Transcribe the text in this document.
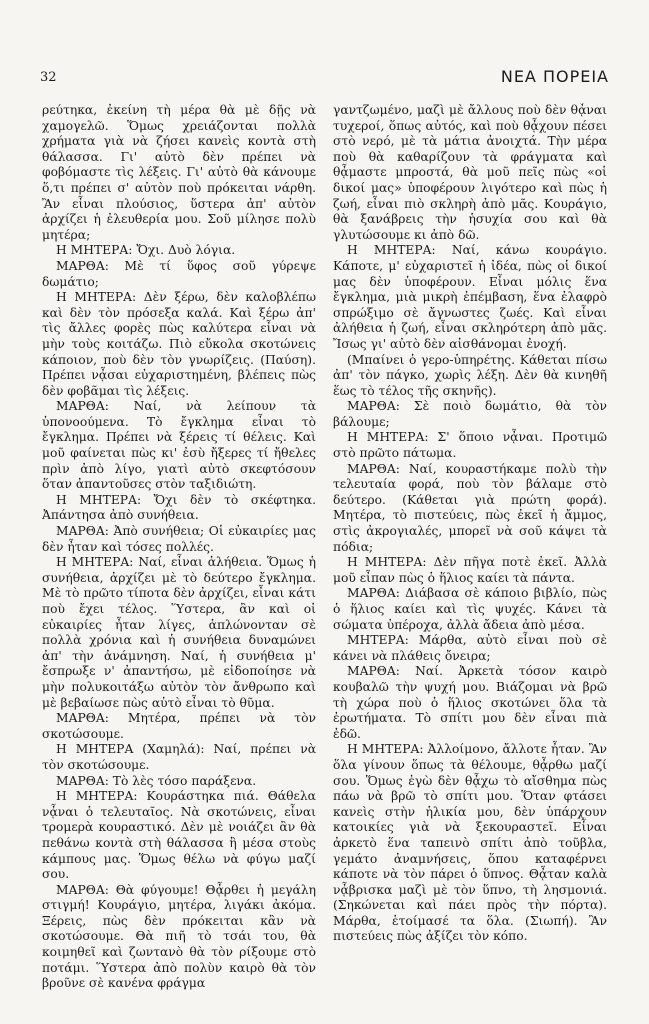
32	ΝΕΑ ΠΟΡΕΙΑ

ρεύτηκα, ἐκείνη τὴ μέρα θὰ μὲ δῇς νὰ χαμογελῶ. Ὅμως χρειάζονται πολλὰ χρήματα γιὰ νὰ ζήσει κανεὶς κοντὰ στὴ θάλασσα. Γι' αὐτὸ δὲν πρέπει νὰ φοβόμαστε τὶς λέξεις. Γι' αὐτὸ θὰ κάνουμε ὅ,τι πρέπει σ' αὐτὸν ποὺ πρόκειται νάρθη. Ἂν εἶναι πλούσιος, ὕστερα ἀπ' αὐτὸν ἀρχίζει ἡ ἐλευθερία μου. Σοῦ μίλησε πολὺ μητέρα;

Η ΜΗΤΕΡΑ: Ὄχι. Δυὸ λόγια.

ΜΑΡΘΑ: Μὲ τί ὕφος σοῦ γύρεψε δωμάτιο;

Η ΜΗΤΕΡΑ: Δὲν ξέρω, δὲν καλοβλέπω καὶ δὲν τὸν πρόσεξα καλά. Καὶ ξέρω ἀπ' τὶς ἄλλες φορὲς πὼς καλύτερα εἶναι νὰ μὴν τοὺς κοιτάζω. Πιὸ εὔκολα σκοτώνεις κάποιον, ποὺ δὲν τὸν γνωρίζεις. (Παύση). Πρέπει νᾆσαι εὐχαριστημένη, βλέπεις πὼς δὲν φοβᾶμαι τὶς λέξεις.

ΜΑΡΘΑ: Ναί, νὰ λείπουν τὰ ὑπονοούμενα. Τὸ ἔγκλημα εἶναι τὸ ἔγκλημα. Πρέπει νὰ ξέρεις τί θέλεις. Καὶ μοῦ φαίνεται πὼς κι' ἐσὺ ἤξερες τί ἤθελες πρὶν ἀπὸ λίγο, γιατὶ αὐτὸ σκεφτόσουν ὅταν ἀπαντοῦσες στὸν ταξιδιώτη.

Η ΜΗΤΕΡΑ: Ὄχι δὲν τὸ σκέφτηκα. Ἀπάντησα ἀπὸ συνήθεια.

ΜΑΡΘΑ: Ἀπὸ συνήθεια; Οἱ εὐκαιρίες μας δὲν ἦταν καὶ τόσες πολλές.

Η ΜΗΤΕΡΑ: Ναί, εἶναι ἀλήθεια. Ὅμως ἡ συνήθεια, ἀρχίζει μὲ τὸ δεύτερο ἔγκλημα. Μὲ τὸ πρῶτο τίποτα δὲν ἀρχίζει, εἶναι κάτι ποὺ ἔχει τέλος. Ὕστερα, ἂν καὶ οἱ εὐκαιρίες ἦταν λίγες, ἁπλώνονταν σὲ πολλὰ χρόνια καὶ ἡ συνήθεια δυναμώνει ἀπ' τὴν ἀνάμνηση. Ναί, ἡ συνήθεια μ' ἔσπρωξε ν' ἀπαντήσω, μὲ εἰδοποίησε νὰ μὴν πολυκοιτάξω αὐτὸν τὸν ἄνθρωπο καὶ μὲ βεβαίωσε πὼς αὐτὸ εἶναι τὸ θῦμα.

ΜΑΡΘΑ: Μητέρα, πρέπει νὰ τὸν σκοτώσουμε.

Η ΜΗΤΕΡΑ (Χαμηλά): Ναί, πρέπει νὰ τὸν σκοτώσουμε.

ΜΑΡΘΑ: Τὸ λὲς τόσο παράξενα.

Η ΜΗΤΕΡΑ: Κουράστηκα πιά. Θάθελα νᾆναι ὁ τελευταῖος. Νὰ σκοτώνεις, εἶναι τρομερὰ κουραστικό. Δὲν μὲ νοιάζει ἂν θὰ πεθάνω κοντὰ στὴ θάλασσα ἢ μέσα στοὺς κάμπους μας. Ὅμως θέλω νὰ φύγω μαζί σου.

ΜΑΡΘΑ: Θὰ φύγουμε! Θᾆρθει ἡ μεγάλη στιγμή! Κουράγιο, μητέρα, λιγάκι ἀκόμα. Ξέρεις, πὼς δὲν πρόκειται κἂν νὰ σκοτώσουμε. Θὰ πιῆ τὸ τσάι του, θὰ κοιμηθεῖ καὶ ζωντανὸ θὰ τὸν ρίξουμε στὸ ποτάμι. Ὕστερα ἀπὸ πολὺν καιρὸ θὰ τὸν βροῦνε σὲ κανένα φράγμα

γαντζωμένο, μαζὶ μὲ ἄλλους ποὺ δὲν θᾆναι τυχεροί, ὅπως αὐτός, καὶ ποὺ θᾆχουν πέσει στὸ νερό, μὲ τὰ μάτια ἀνοιχτά. Τὴν μέρα ποὺ θὰ καθαρίζουν τὰ φράγματα καὶ θᾆμαστε μπροστά, θὰ μοῦ πεῖς πὼς «οἱ δικοί μας» ὑποφέρουν λιγότερο καὶ πὼς ἡ ζωή, εἶναι πιὸ σκληρὴ ἀπὸ μᾶς. Κουράγιο, θὰ ξανάβρεις τὴν ἡσυχία σου καὶ θὰ γλυτώσουμε κι ἀπὸ δῶ.

Η ΜΗΤΕΡΑ: Ναί, κάνω κουράγιο. Κάποτε, μ' εὐχαριστεῖ ἡ ἰδέα, πὼς οἱ δικοί μας δὲν ὑποφέρουν. Εἶναι μόλις ἕνα ἔγκλημα, μιὰ μικρὴ ἐπέμβαση, ἕνα ἐλαφρὸ σπρώξιμο σὲ ἄγνωστες ζωές. Καὶ εἶναι ἀλήθεια ἡ ζωή, εἶναι σκληρότερη ἀπὸ μᾶς. Ἴσως γι' αὐτὸ δὲν αἰσθάνομαι ἐνοχή.

(Μπαίνει ὁ γερο-ὑπηρέτης. Κάθεται πίσω ἀπ' τὸν πάγκο, χωρὶς λέξη. Δὲν θὰ κινηθῆ ἕως τὸ τέλος τῆς σκηνῆς).

ΜΑΡΘΑ: Σὲ ποιὸ δωμάτιο, θὰ τὸν βάλουμε;

Η ΜΗΤΕΡΑ: Σ' ὅποιο νᾆναι. Προτιμῶ στὸ πρῶτο πάτωμα.

ΜΑΡΘΑ: Ναί, κουραστήκαμε πολὺ τὴν τελευταία φορά, ποὺ τὸν βάλαμε στὸ δεύτερο. (Κάθεται γιὰ πρώτη φορά). Μητέρα, τὸ πιστεύεις, πὼς ἐκεῖ ἡ ἄμμος, στὶς ἀκρογιαλές, μπορεῖ νὰ σοῦ κάψει τὰ πόδια;

Η ΜΗΤΕΡΑ: Δὲν πῆγα ποτὲ ἐκεῖ. Ἀλλὰ μοῦ εἶπαν πὼς ὁ ἥλιος καίει τὰ πάντα.

ΜΑΡΘΑ: Διάβασα σὲ κάποιο βιβλίο, πὼς ὁ ἥλιος καίει καὶ τὶς ψυχές. Κάνει τὰ σώματα ὑπέροχα, ἀλλὰ ἄδεια ἀπὸ μέσα.

ΜΗΤΕΡΑ: Μάρθα, αὐτὸ εἶναι ποὺ σὲ κάνει νὰ πλάθεις ὄνειρα;

ΜΑΡΘΑ: Ναί. Ἀρκετὰ τόσον καιρὸ κουβαλῶ τὴν ψυχή μου. Βιάζομαι νὰ βρῶ τὴ χώρα ποὺ ὁ ἥλιος σκοτώνει ὅλα τὰ ἐρωτήματα. Τὸ σπίτι μου δὲν εἶναι πιὰ ἐδῶ.

Η ΜΗΤΕΡΑ: Ἀλλοίμονο, ἄλλοτε ἦταν. Ἂν ὅλα γίνουν ὅπως τὰ θέλουμε, θᾆρθω μαζί σου. Ὅμως ἐγὼ δὲν θᾆχω τὸ αἴσθημα πὼς πάω νὰ βρῶ τὸ σπίτι μου. Ὅταν φτάσει κανεὶς στὴν ἡλικία μου, δὲν ὑπάρχουν κατοικίες γιὰ νὰ ξεκουραστεῖ. Εἶναι ἀρκετὸ ἕνα ταπεινὸ σπίτι ἀπὸ τοῦβλα, γεμάτο ἀναμνήσεις, ὅπου καταφέρνει κάποτε νὰ τὸν πάρει ὁ ὕπνος. Θᾆταν καλὰ νᾆβρισκα μαζὶ μὲ τὸν ὕπνο, τὴ λησμονιά. (Σηκώνεται καὶ πάει πρὸς τὴν πόρτα). Μάρθα, ἑτοίμασέ τα ὅλα. (Σιωπή). Ἂν πιστεύεις πὼς ἀξίζει τὸν κόπο.
